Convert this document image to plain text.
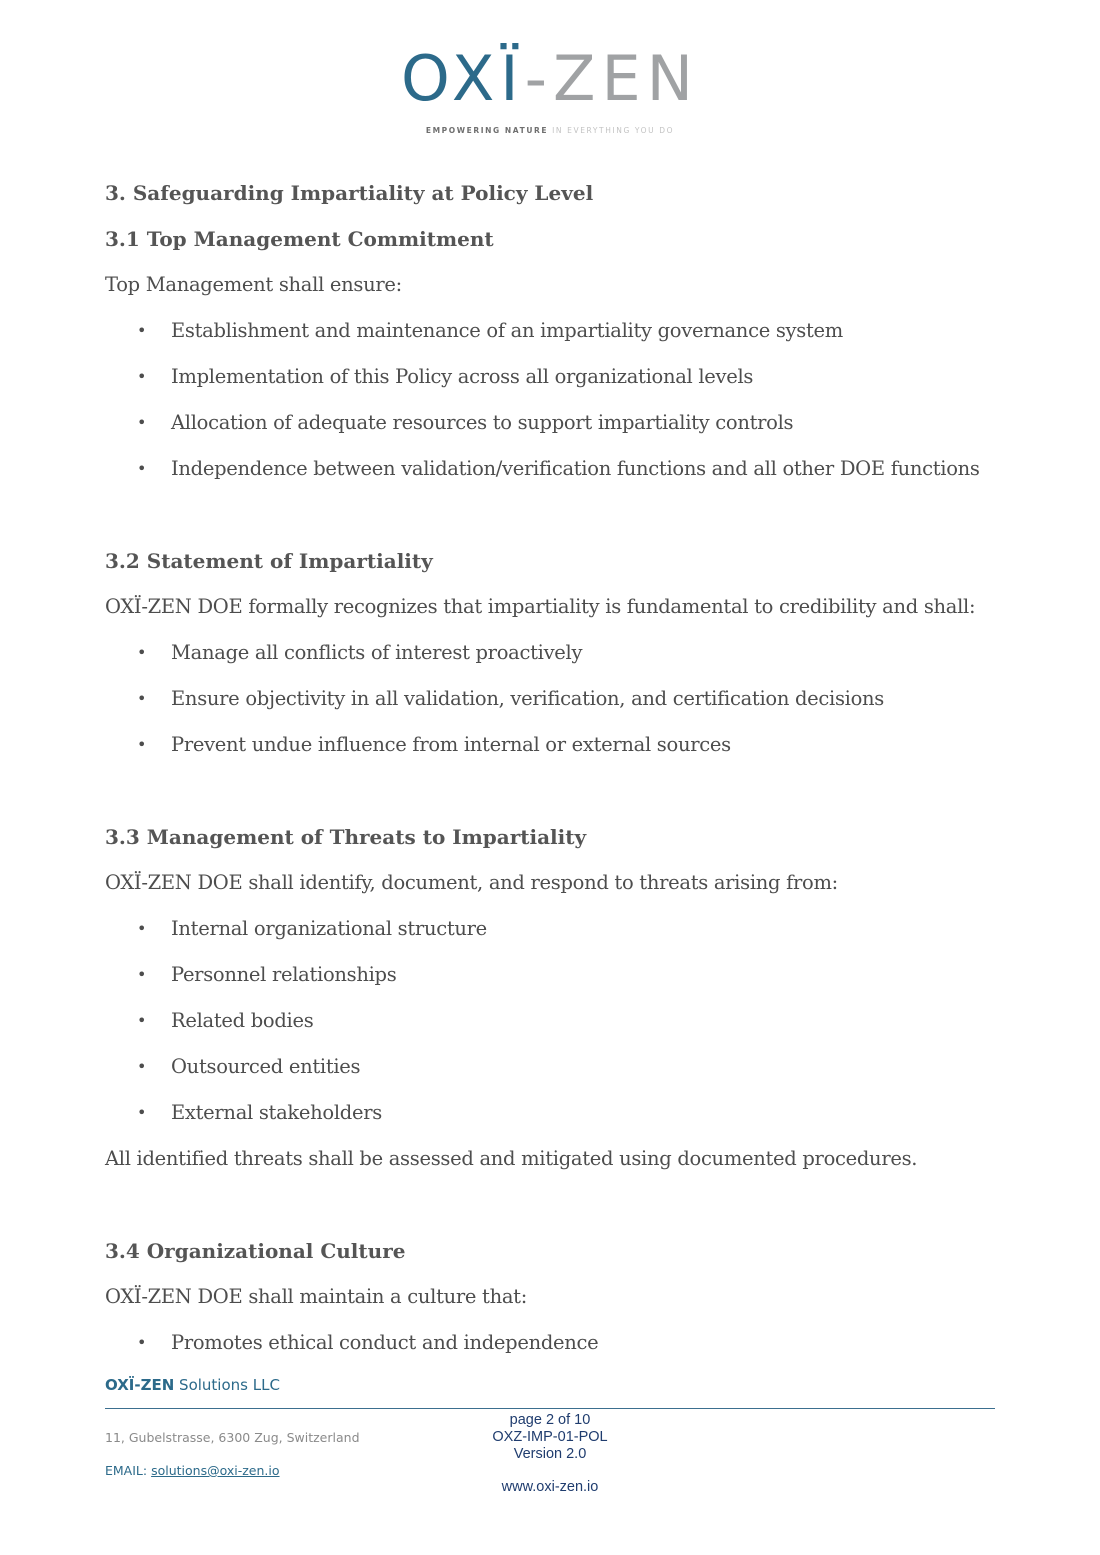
OXÏ-ZEN
EMPOWERING NATURE IN EVERYTHING YOU DO
3. Safeguarding Impartiality at Policy Level
3.1 Top Management Commitment

Top Management shall ensure:

• Establishment and maintenance of an impartiality governance system
• Implementation of this Policy across all organizational levels
• Allocation of adequate resources to support impartiality controls
• Independence between validation/verification functions and all other DOE functions
3.2 Statement of Impartiality

OXÏ-ZEN DOE formally recognizes that impartiality is fundamental to credibility and shall:

• Manage all conflicts of interest proactively
• Ensure objectivity in all validation, verification, and certification decisions
• Prevent undue influence from internal or external sources
3.3 Management of Threats to Impartiality

OXÏ-ZEN DOE shall identify, document, and respond to threats arising from:

• Internal organizational structure
• Personnel relationships
• Related bodies
• Outsourced entities
• External stakeholders

All identified threats shall be assessed and mitigated using documented procedures.

3.4 Organizational Culture

OXÏ-ZEN DOE shall maintain a culture that:

• Promotes ethical conduct and independence
OXÏ-ZEN Solutions LLC
11, Gubelstrasse, 6300 Zug, Switzerland
EMAIL: solutions@oxi-zen.io
page 2 of 10
OXZ-IMP-01-POL
Version 2.0
www.oxi-zen.io
